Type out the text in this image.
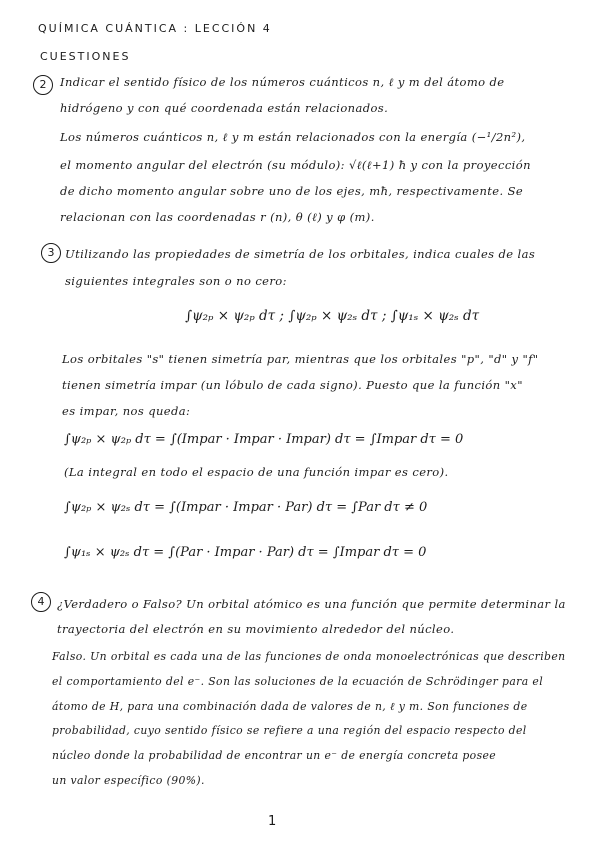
QUÍMICA CUÁNTICA : LECCIÓN 4
CUESTIONES
2	Indicar el sentido físico de los números cuánticos n, ℓ y m del átomo de
hidrógeno y con qué coordenada están relacionados.
Los números cuánticos n, ℓ y m están relacionados con la energía (−¹/2n²),
el momento angular del electrón (su módulo): √ℓ(ℓ+1) ħ y con la proyección
de dicho momento angular sobre uno de los ejes, mħ, respectivamente. Se
relacionan con las coordenadas r (n), θ (ℓ) y φ (m).
3 Utilizando las propiedades de simetría de los orbitales, indica cuales de las
siguientes integrales son o no cero:
∫ψ₂ₚ × ψ₂ₚ dτ ; ∫ψ₂ₚ × ψ₂ₛ dτ ; ∫ψ₁ₛ × ψ₂ₛ dτ
Los orbitales "s" tienen simetría par, mientras que los orbitales "p", "d" y "f"
tienen simetría impar (un lóbulo de cada signo). Puesto que la función "x"
es impar, nos queda:
∫ψ₂ₚ × ψ₂ₚ dτ = ∫(Impar · Impar · Impar) dτ = ∫Impar dτ = 0
(La integral en todo el espacio de una función impar es cero).
∫ψ₂ₚ × ψ₂ₛ dτ = ∫(Impar · Impar · Par) dτ = ∫Par dτ ≠ 0
∫ψ₁ₛ × ψ₂ₛ dτ = ∫(Par · Impar · Par) dτ = ∫Impar dτ = 0
4	¿Verdadero o Falso? Un orbital atómico es una función que permite determinar la
trayectoria del electrón en su movimiento alrededor del núcleo.
Falso. Un orbital es cada una de las funciones de onda monoelectrónicas que describen
el comportamiento del e⁻. Son las soluciones de la ecuación de Schrödinger para el
átomo de H, para una combinación dada de valores de n, ℓ y m. Son funciones de
probabilidad, cuyo sentido físico se refiere a una región del espacio respecto del
núcleo donde la probabilidad de encontrar un e⁻ de energía concreta posee
un valor específico (90%).
1
